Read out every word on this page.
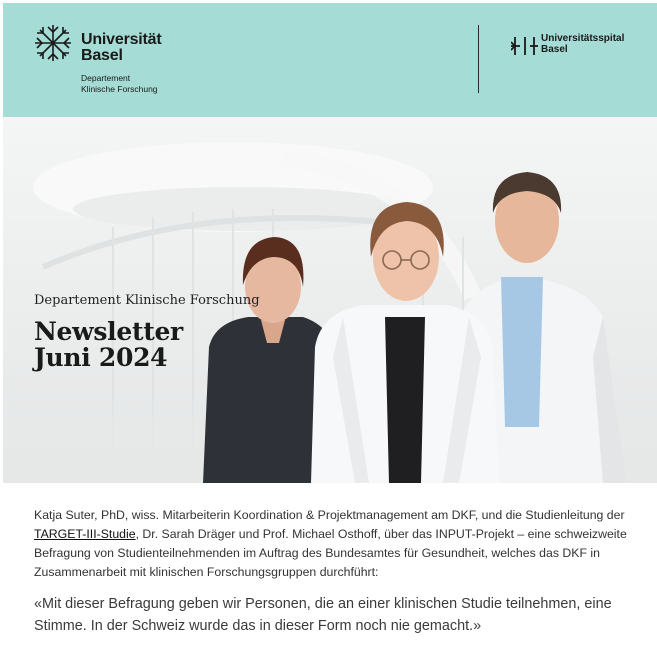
Universität
Basel
Departement
Klinische Forschung
Universitätsspital
Basel
Departement Klinische Forschung
Newsletter
Juni 2024

Katja Suter, PhD, wiss. Mitarbeiterin Koordination & Projektmanagement am DKF, und die Studienleitung der TARGET-III-Studie, Dr. Sarah Dräger und Prof. Michael Osthoff, über das INPUT-Projekt – eine schweizweite Befragung von Studienteilnehmenden im Auftrag des Bundesamtes für Gesundheit, welches das DKF in Zusammenarbeit mit klinischen Forschungsgruppen durchführt:

«Mit dieser Befragung geben wir Personen, die an einer klinischen Studie teilnehmen, eine Stimme. In der Schweiz wurde das in dieser Form noch nie gemacht.»
